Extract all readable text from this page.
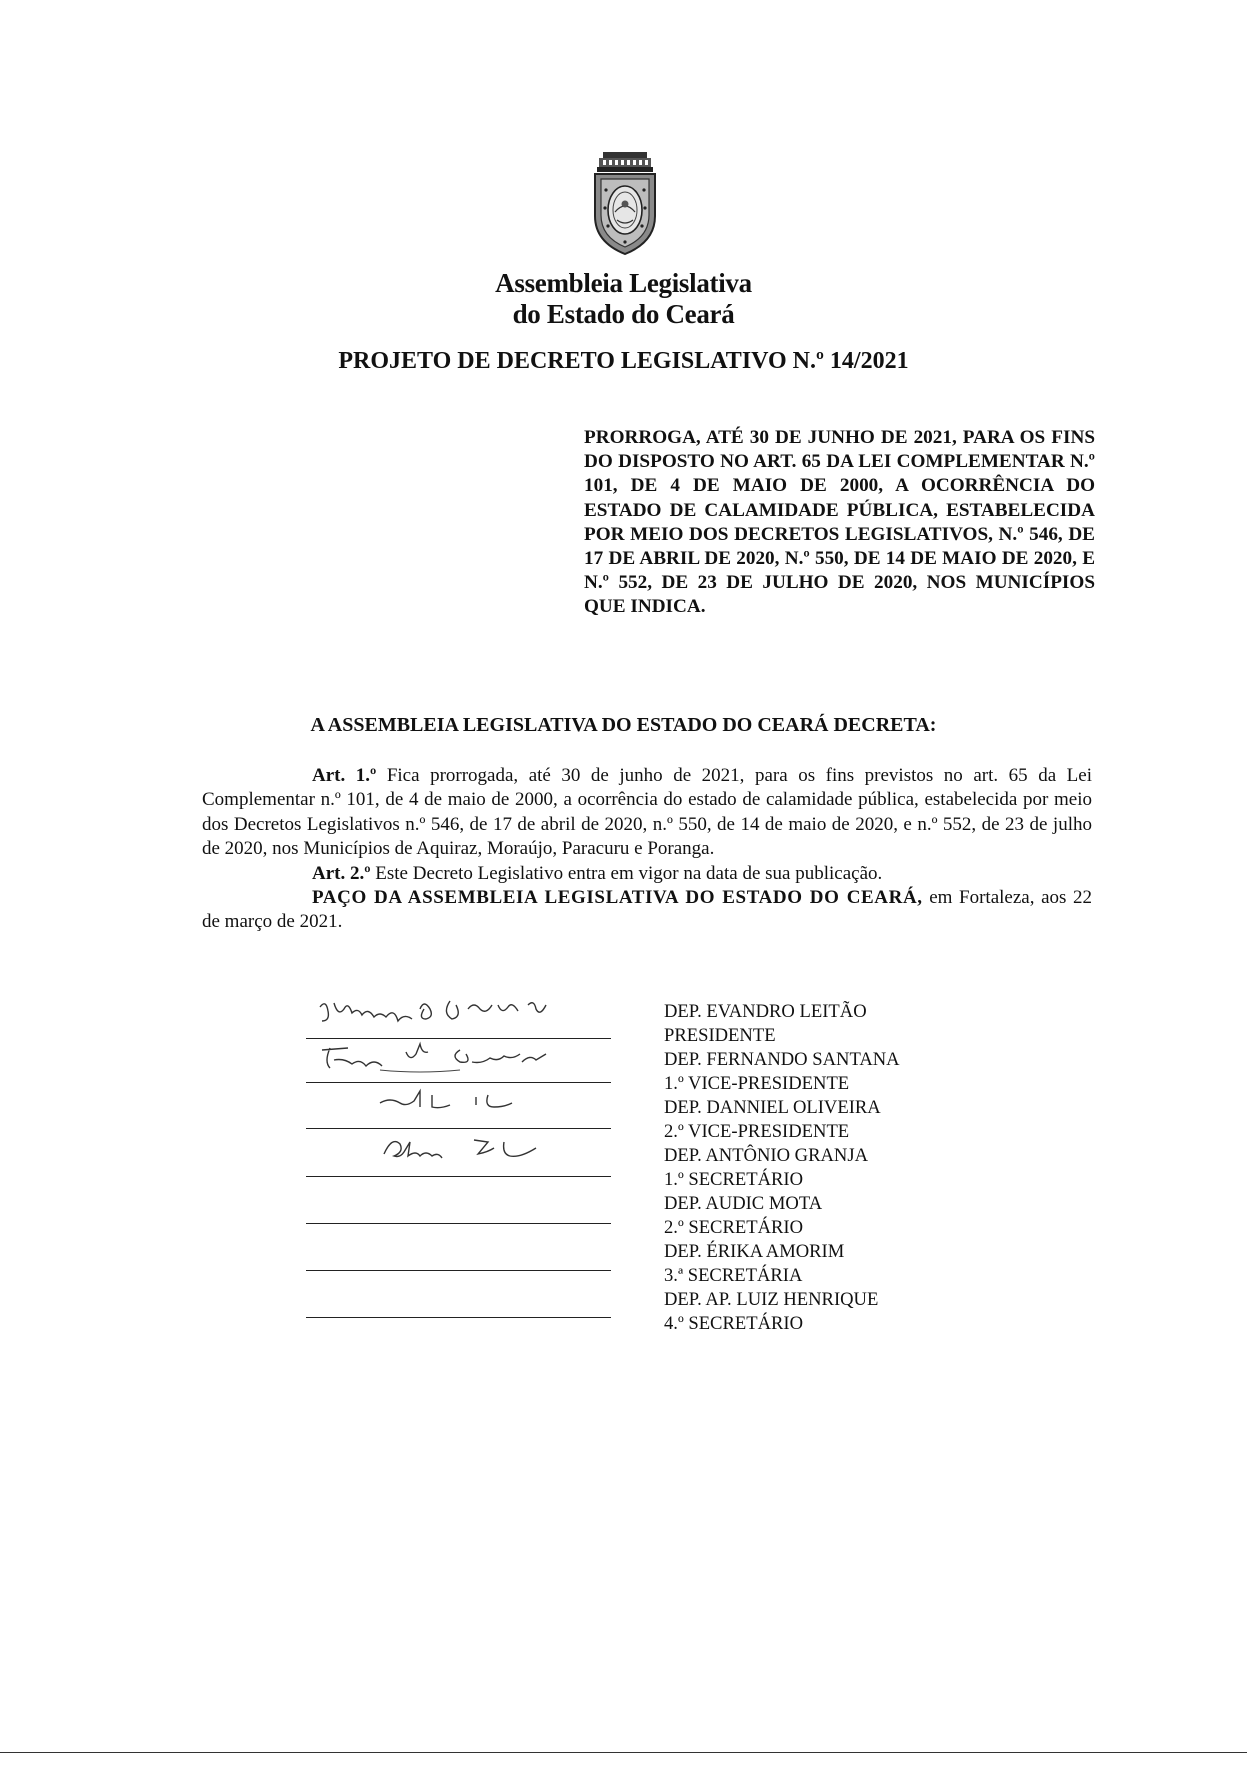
Assembleia Legislativa
do Estado do Ceará
PROJETO DE DECRETO LEGISLATIVO N.º 14/2021
PRORROGA, ATÉ 30 DE JUNHO DE 2021, PARA OS FINS DO DISPOSTO NO ART. 65 DA LEI COMPLEMENTAR N.º 101, DE 4 DE MAIO DE 2000, A OCORRÊNCIA DO ESTADO DE CALAMIDADE PÚBLICA, ESTABELECIDA POR MEIO DOS DECRETOS LEGISLATIVOS, N.º 546, DE 17 DE ABRIL DE 2020, N.º 550, DE 14 DE MAIO DE 2020, E N.º 552, DE 23 DE JULHO DE 2020, NOS MUNICÍPIOS QUE INDICA.
A ASSEMBLEIA LEGISLATIVA DO ESTADO DO CEARÁ DECRETA:

Art. 1.º Fica prorrogada, até 30 de junho de 2021, para os fins previstos no art. 65 da Lei Complementar n.º 101, de 4 de maio de 2000, a ocorrência do estado de calamidade pública, estabelecida por meio dos Decretos Legislativos n.º 546, de 17 de abril de 2020, n.º 550, de 14 de maio de 2020, e n.º 552, de 23 de julho de 2020, nos Municípios de Aquiraz, Moraújo, Paracuru e Poranga.

Art. 2.º Este Decreto Legislativo entra em vigor na data de sua publicação.

PAÇO DA ASSEMBLEIA LEGISLATIVA DO ESTADO DO CEARÁ, em Fortaleza, aos 22 de março de 2021.

DEP. EVANDRO LEITÃO
PRESIDENTE
DEP. FERNANDO SANTANA
1.º VICE-PRESIDENTE
DEP. DANNIEL OLIVEIRA
2.º VICE-PRESIDENTE
DEP. ANTÔNIO GRANJA
1.º SECRETÁRIO
DEP. AUDIC MOTA
2.º SECRETÁRIO
DEP. ÉRIKA AMORIM
3.ª SECRETÁRIA
DEP. AP. LUIZ HENRIQUE
4.º SECRETÁRIO
